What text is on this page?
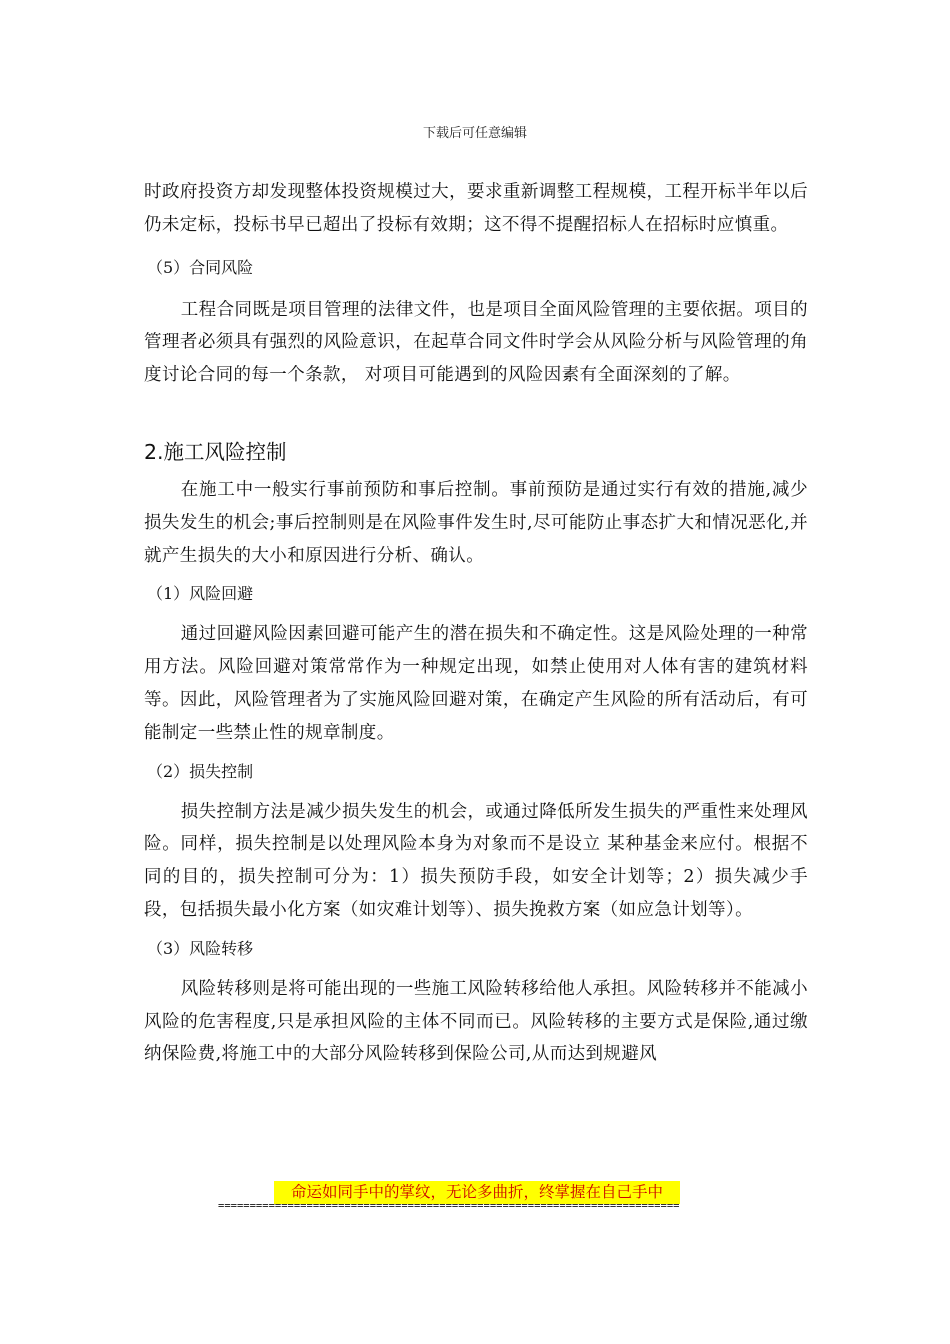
下载后可任意编辑

时政府投资方却发现整体投资规模过大，要求重新调整工程规模，工程开标半年以后仍未定标，投标书早已超出了投标有效期；这不得不提醒招标人在招标时应慎重。

（5）合同风险

工程合同既是项目管理的法律文件，也是项目全面风险管理的主要依据。项目的管理者必须具有强烈的风险意识，在起草合同文件时学会从风险分析与风险管理的角度讨论合同的每一个条款， 对项目可能遇到的风险因素有全面深刻的了解。

2.施工风险控制

在施工中一般实行事前预防和事后控制。事前预防是通过实行有效的措施,减少损失发生的机会;事后控制则是在风险事件发生时,尽可能防止事态扩大和情况恶化,并就产生损失的大小和原因进行分析、确认。

（1）风险回避

通过回避风险因素回避可能产生的潜在损失和不确定性。这是风险处理的一种常用方法。风险回避对策常常作为一种规定出现，如禁止使用对人体有害的建筑材料等。因此，风险管理者为了实施风险回避对策，在确定产生风险的所有活动后，有可能制定一些禁止性的规章制度。

（2）损失控制

损失控制方法是减少损失发生的机会，或通过降低所发生损失的严重性来处理风险。同样，损失控制是以处理风险本身为对象而不是设立 某种基金来应付。根据不同的目的，损失控制可分为：1）损失预防手段，如安全计划等；2）损失减少手段，包括损失最小化方案（如灾难计划等）、损失挽救方案（如应急计划等）。

（3）风险转移

风险转移则是将可能出现的一些施工风险转移给他人承担。风险转移并不能减小风险的危害程度,只是承担风险的主体不同而已。风险转移的主要方式是保险,通过缴纳保险费,将施工中的大部分风险转移到保险公司,从而达到规避风

命运如同手中的掌纹，无论多曲折，终掌握在自己手中
=========================================================================
